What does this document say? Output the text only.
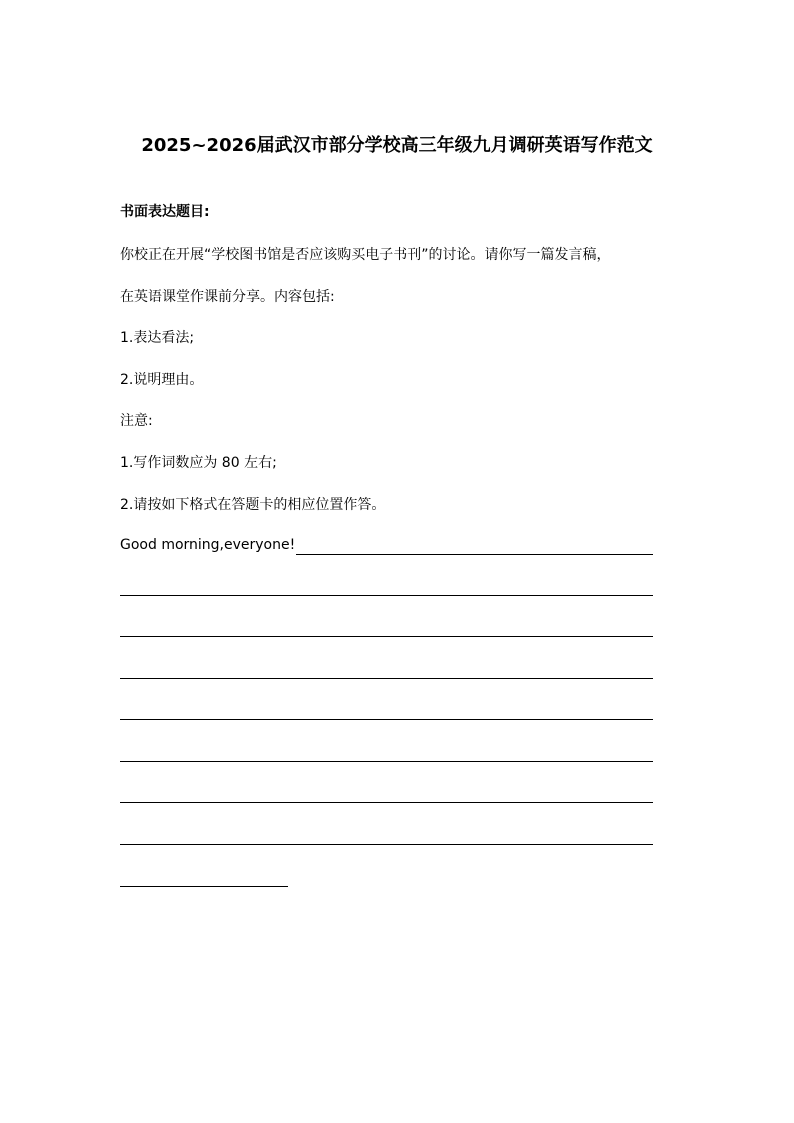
2025~2026届武汉市部分学校高三年级九月调研英语写作范文
书面表达题目:
你校正在开展“学校图书馆是否应该购买电子书刊”的讨论。请你写一篇发言稿，
在英语课堂作课前分享。内容包括:
1.表达看法;
2.说明理由。
注意:
1.写作词数应为 80 左右;
2.请按如下格式在答题卡的相应位置作答。
Good morning,everyone!
